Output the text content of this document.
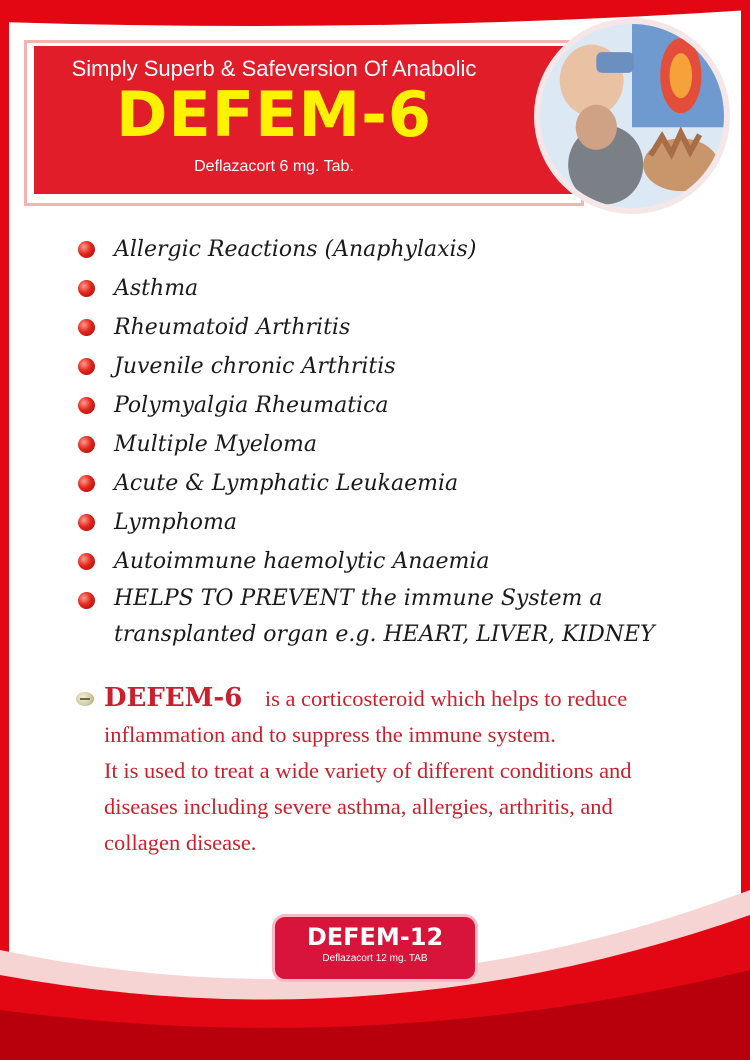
Simply Superb & Safeversion Of Anabolic
DEFEM-6
Deflazacort 6 mg. Tab.
Allergic Reactions (Anaphylaxis)
Asthma
Rheumatoid Arthritis
Juvenile chronic Arthritis
Polymyalgia Rheumatica
Multiple Myeloma
Acute & Lymphatic Leukaemia
Lymphoma
Autoimmune haemolytic Anaemia
HELPS TO PREVENT the immune System a
transplanted organ e.g. HEART, LIVER, KIDNEY

DEFEM-6 is a corticosteroid which helps to reduce inflammation and to suppress the immune system.

It is used to treat a wide variety of different conditions and diseases including severe asthma, allergies, arthritis, and collagen disease.

DEFEM-12
Deflazacort 12 mg. TAB
